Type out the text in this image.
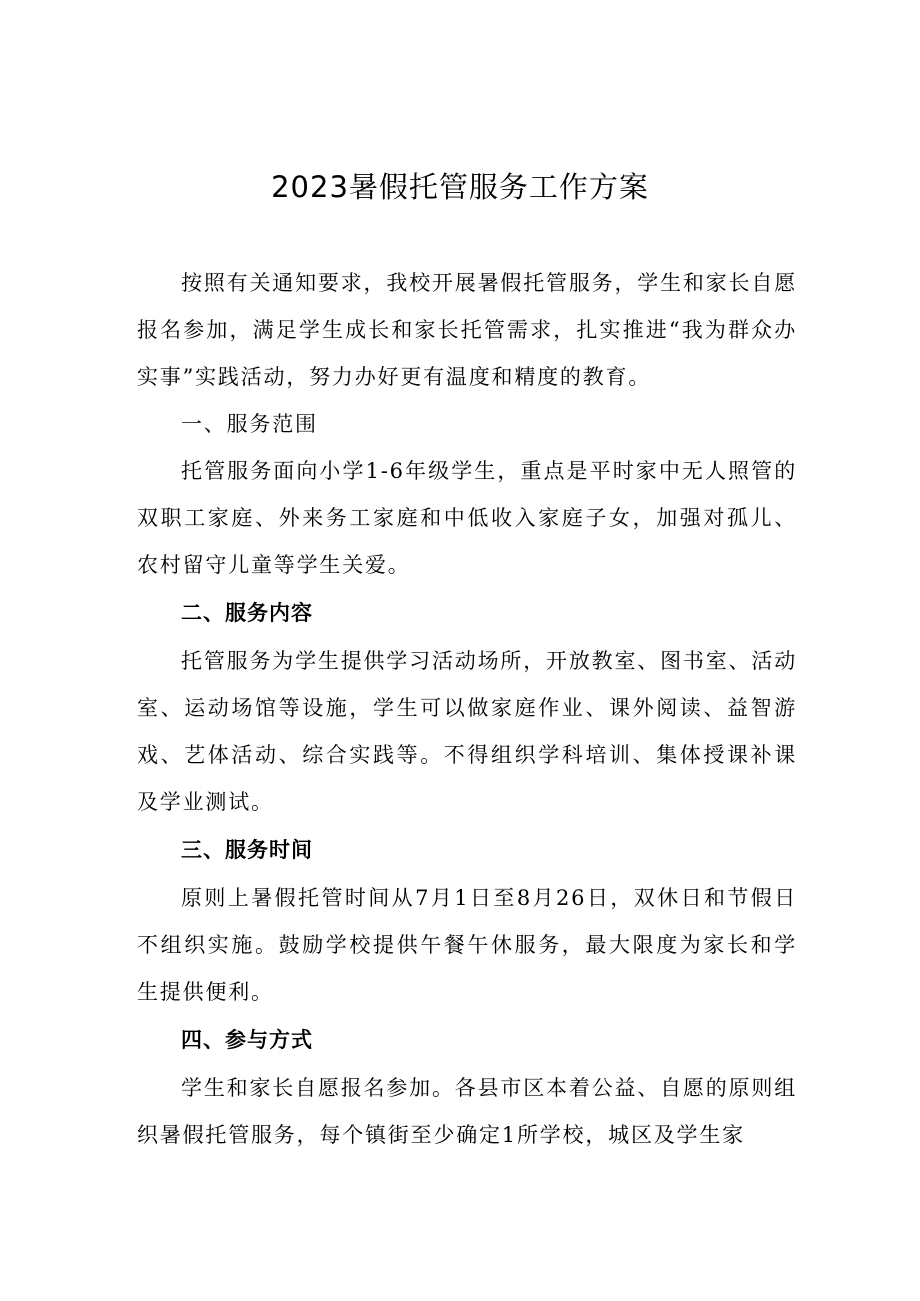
2023暑假托管服务工作方案

按照有关通知要求，我校开展暑假托管服务，学生和家长自愿报名参加，满足学生成长和家长托管需求，扎实推进“我为群众办实事”实践活动，努力办好更有温度和精度的教育。

一、服务范围

托管服务面向小学1-6年级学生，重点是平时家中无人照管的双职工家庭、外来务工家庭和中低收入家庭子女，加强对孤儿、农村留守儿童等学生关爱。

二、服务内容

托管服务为学生提供学习活动场所，开放教室、图书室、活动室、运动场馆等设施，学生可以做家庭作业、课外阅读、益智游戏、艺体活动、综合实践等。不得组织学科培训、集体授课补课及学业测试。

三、服务时间

原则上暑假托管时间从7月1日至8月26日，双休日和节假日不组织实施。鼓励学校提供午餐午休服务，最大限度为家长和学生提供便利。

四、参与方式

学生和家长自愿报名参加。各县市区本着公益、自愿的原则组织暑假托管服务，每个镇街至少确定1所学校，城区及学生家
